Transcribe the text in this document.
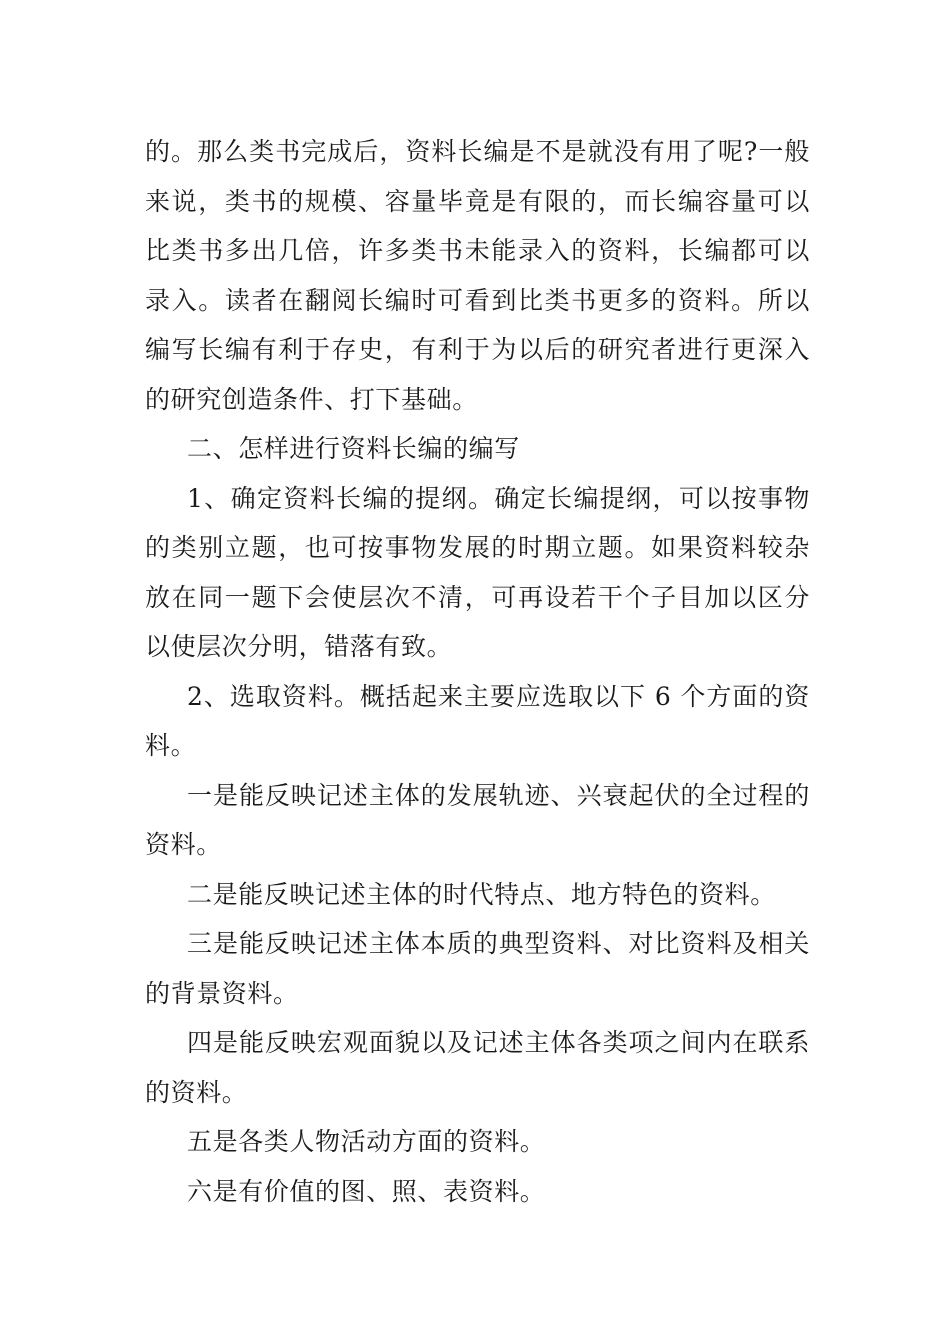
的。那么类书完成后，资料长编是不是就没有用了呢?一般来说，类书的规模、容量毕竟是有限的，而长编容量可以比类书多出几倍，许多类书未能录入的资料，长编都可以录入。读者在翻阅长编时可看到比类书更多的资料。所以编写长编有利于存史，有利于为以后的研究者进行更深入的研究创造条件、打下基础。

二、怎样进行资料长编的编写

1、确定资料长编的提纲。确定长编提纲，可以按事物的类别立题，也可按事物发展的时期立题。如果资料较杂放在同一题下会使层次不清，可再设若干个子目加以区分以使层次分明，错落有致。

2、选取资料。概括起来主要应选取以下 6 个方面的资料。

一是能反映记述主体的发展轨迹、兴衰起伏的全过程的资料。

二是能反映记述主体的时代特点、地方特色的资料。

三是能反映记述主体本质的典型资料、对比资料及相关的背景资料。

四是能反映宏观面貌以及记述主体各类项之间内在联系的资料。

五是各类人物活动方面的资料。

六是有价值的图、照、表资料。
